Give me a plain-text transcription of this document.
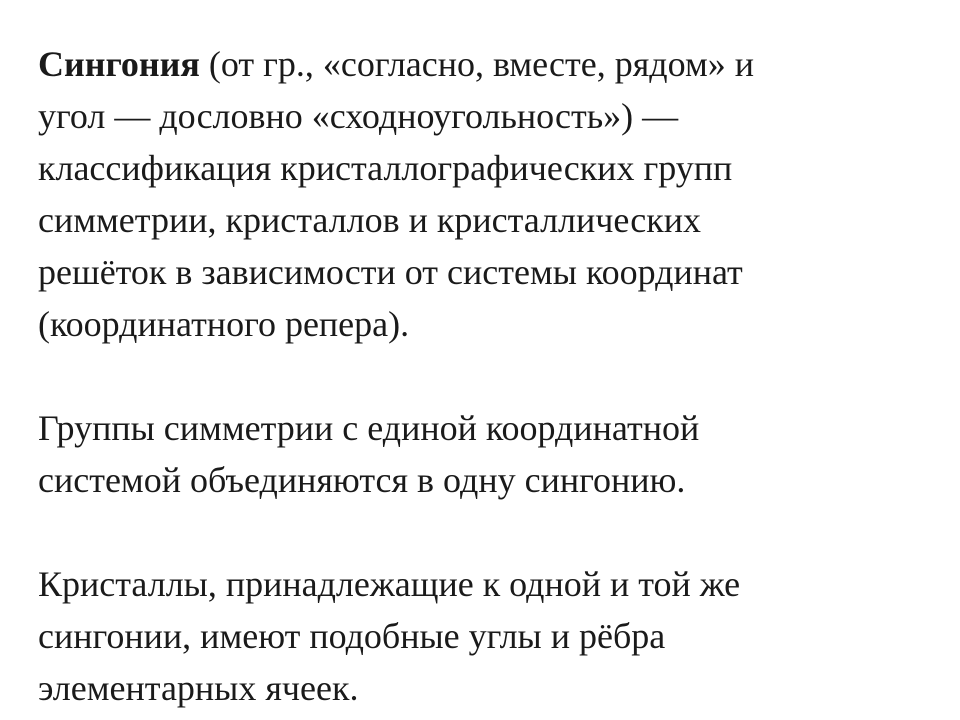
Сингония (от гр., «согласно, вместе, рядом» и
угол — дословно «сходноугольность») —
классификация кристаллографических групп
симметрии, кристаллов и кристаллических
решёток в зависимости от системы координат
(координатного репера).

Группы симметрии с единой координатной
системой объединяются в одну сингонию.

Кристаллы, принадлежащие к одной и той же
сингонии, имеют подобные углы и рёбра
элементарных ячеек.
